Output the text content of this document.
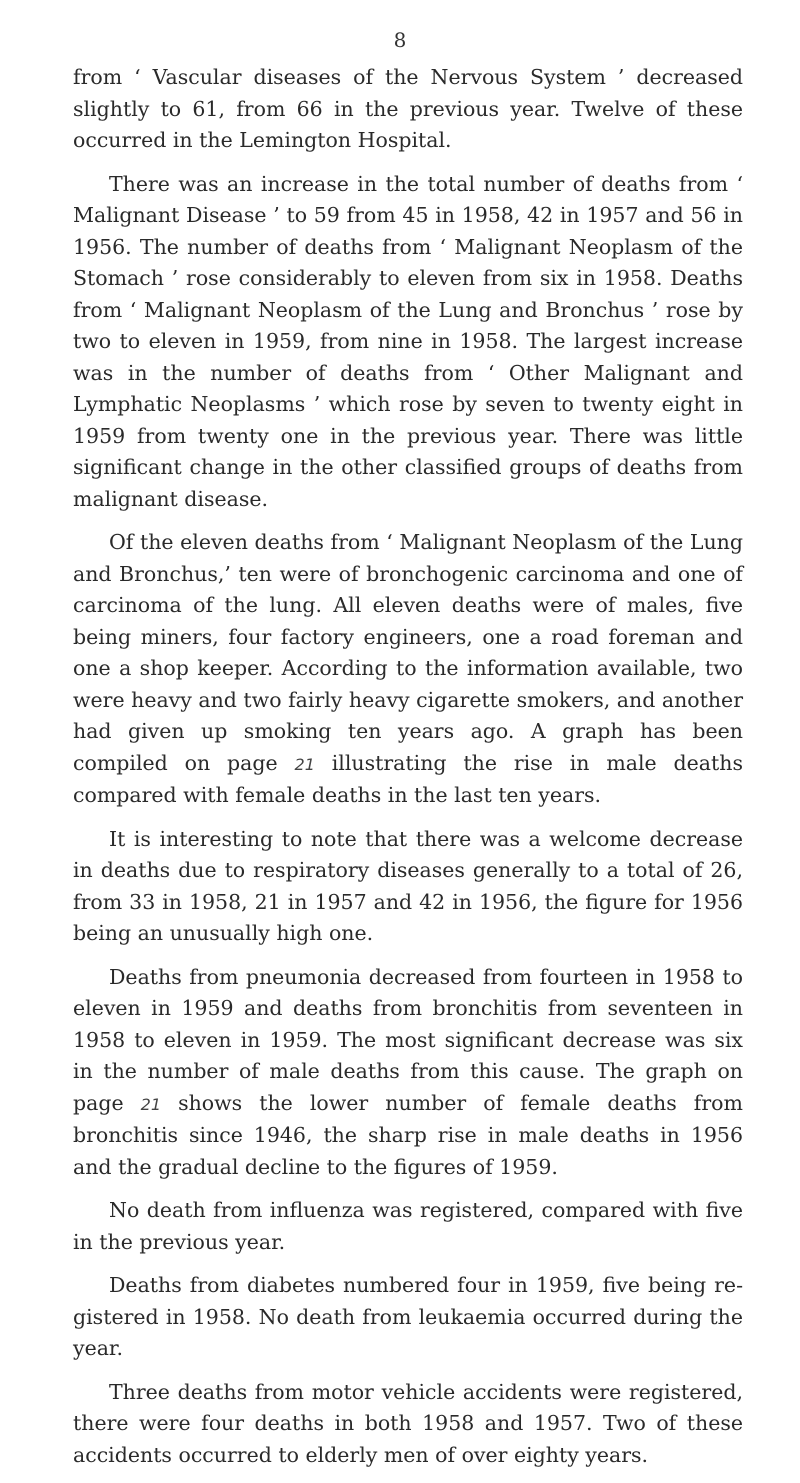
8

from ‘ Vascular diseases of the Nervous System ’ decreased slightly to 61, from 66 in the previous year. Twelve of these occurred in the Lemington Hospital.

There was an increase in the total number of deaths from ‘ Malignant Disease ’ to 59 from 45 in 1958, 42 in 1957 and 56 in 1956. The number of deaths from ‘ Malignant Neoplasm of the Stomach ’ rose considerably to eleven from six in 1958. Deaths from ‘ Malignant Neoplasm of the Lung and Bronchus ’ rose by two to eleven in 1959, from nine in 1958. The largest increase was in the number of deaths from ‘ Other Malignant and Lymphatic Neoplasms ’ which rose by seven to twenty eight in 1959 from twenty one in the previous year. There was little significant change in the other classified groups of deaths from malignant disease.

Of the eleven deaths from ‘ Malignant Neoplasm of the Lung and Bronchus,’ ten were of bronchogenic carcinoma and one of carcinoma of the lung. All eleven deaths were of males, five being miners, four factory engineers, one a road foreman and one a shop keeper. According to the information available, two were heavy and two fairly heavy cigarette smokers, and another had given up smoking ten years ago. A graph has been compiled on page 21 illustrating the rise in male deaths compared with female deaths in the last ten years.

It is interesting to note that there was a welcome decrease in deaths due to respiratory diseases generally to a total of 26, from 33 in 1958, 21 in 1957 and 42 in 1956, the figure for 1956 being an unusually high one.

Deaths from pneumonia decreased from fourteen in 1958 to eleven in 1959 and deaths from bronchitis from seventeen in 1958 to eleven in 1959. The most significant decrease was six in the number of male deaths from this cause. The graph on page 21 shows the lower number of female deaths from bronchitis since 1946, the sharp rise in male deaths in 1956 and the gradual decline to the figures of 1959.

No death from influenza was registered, compared with five in the previous year.

Deaths from diabetes numbered four in 1959, five being registered in 1958. No death from leukaemia occurred during the year.

Three deaths from motor vehicle accidents were registered, there were four deaths in both 1958 and 1957. Two of these accidents occurred to elderly men of over eighty years.
